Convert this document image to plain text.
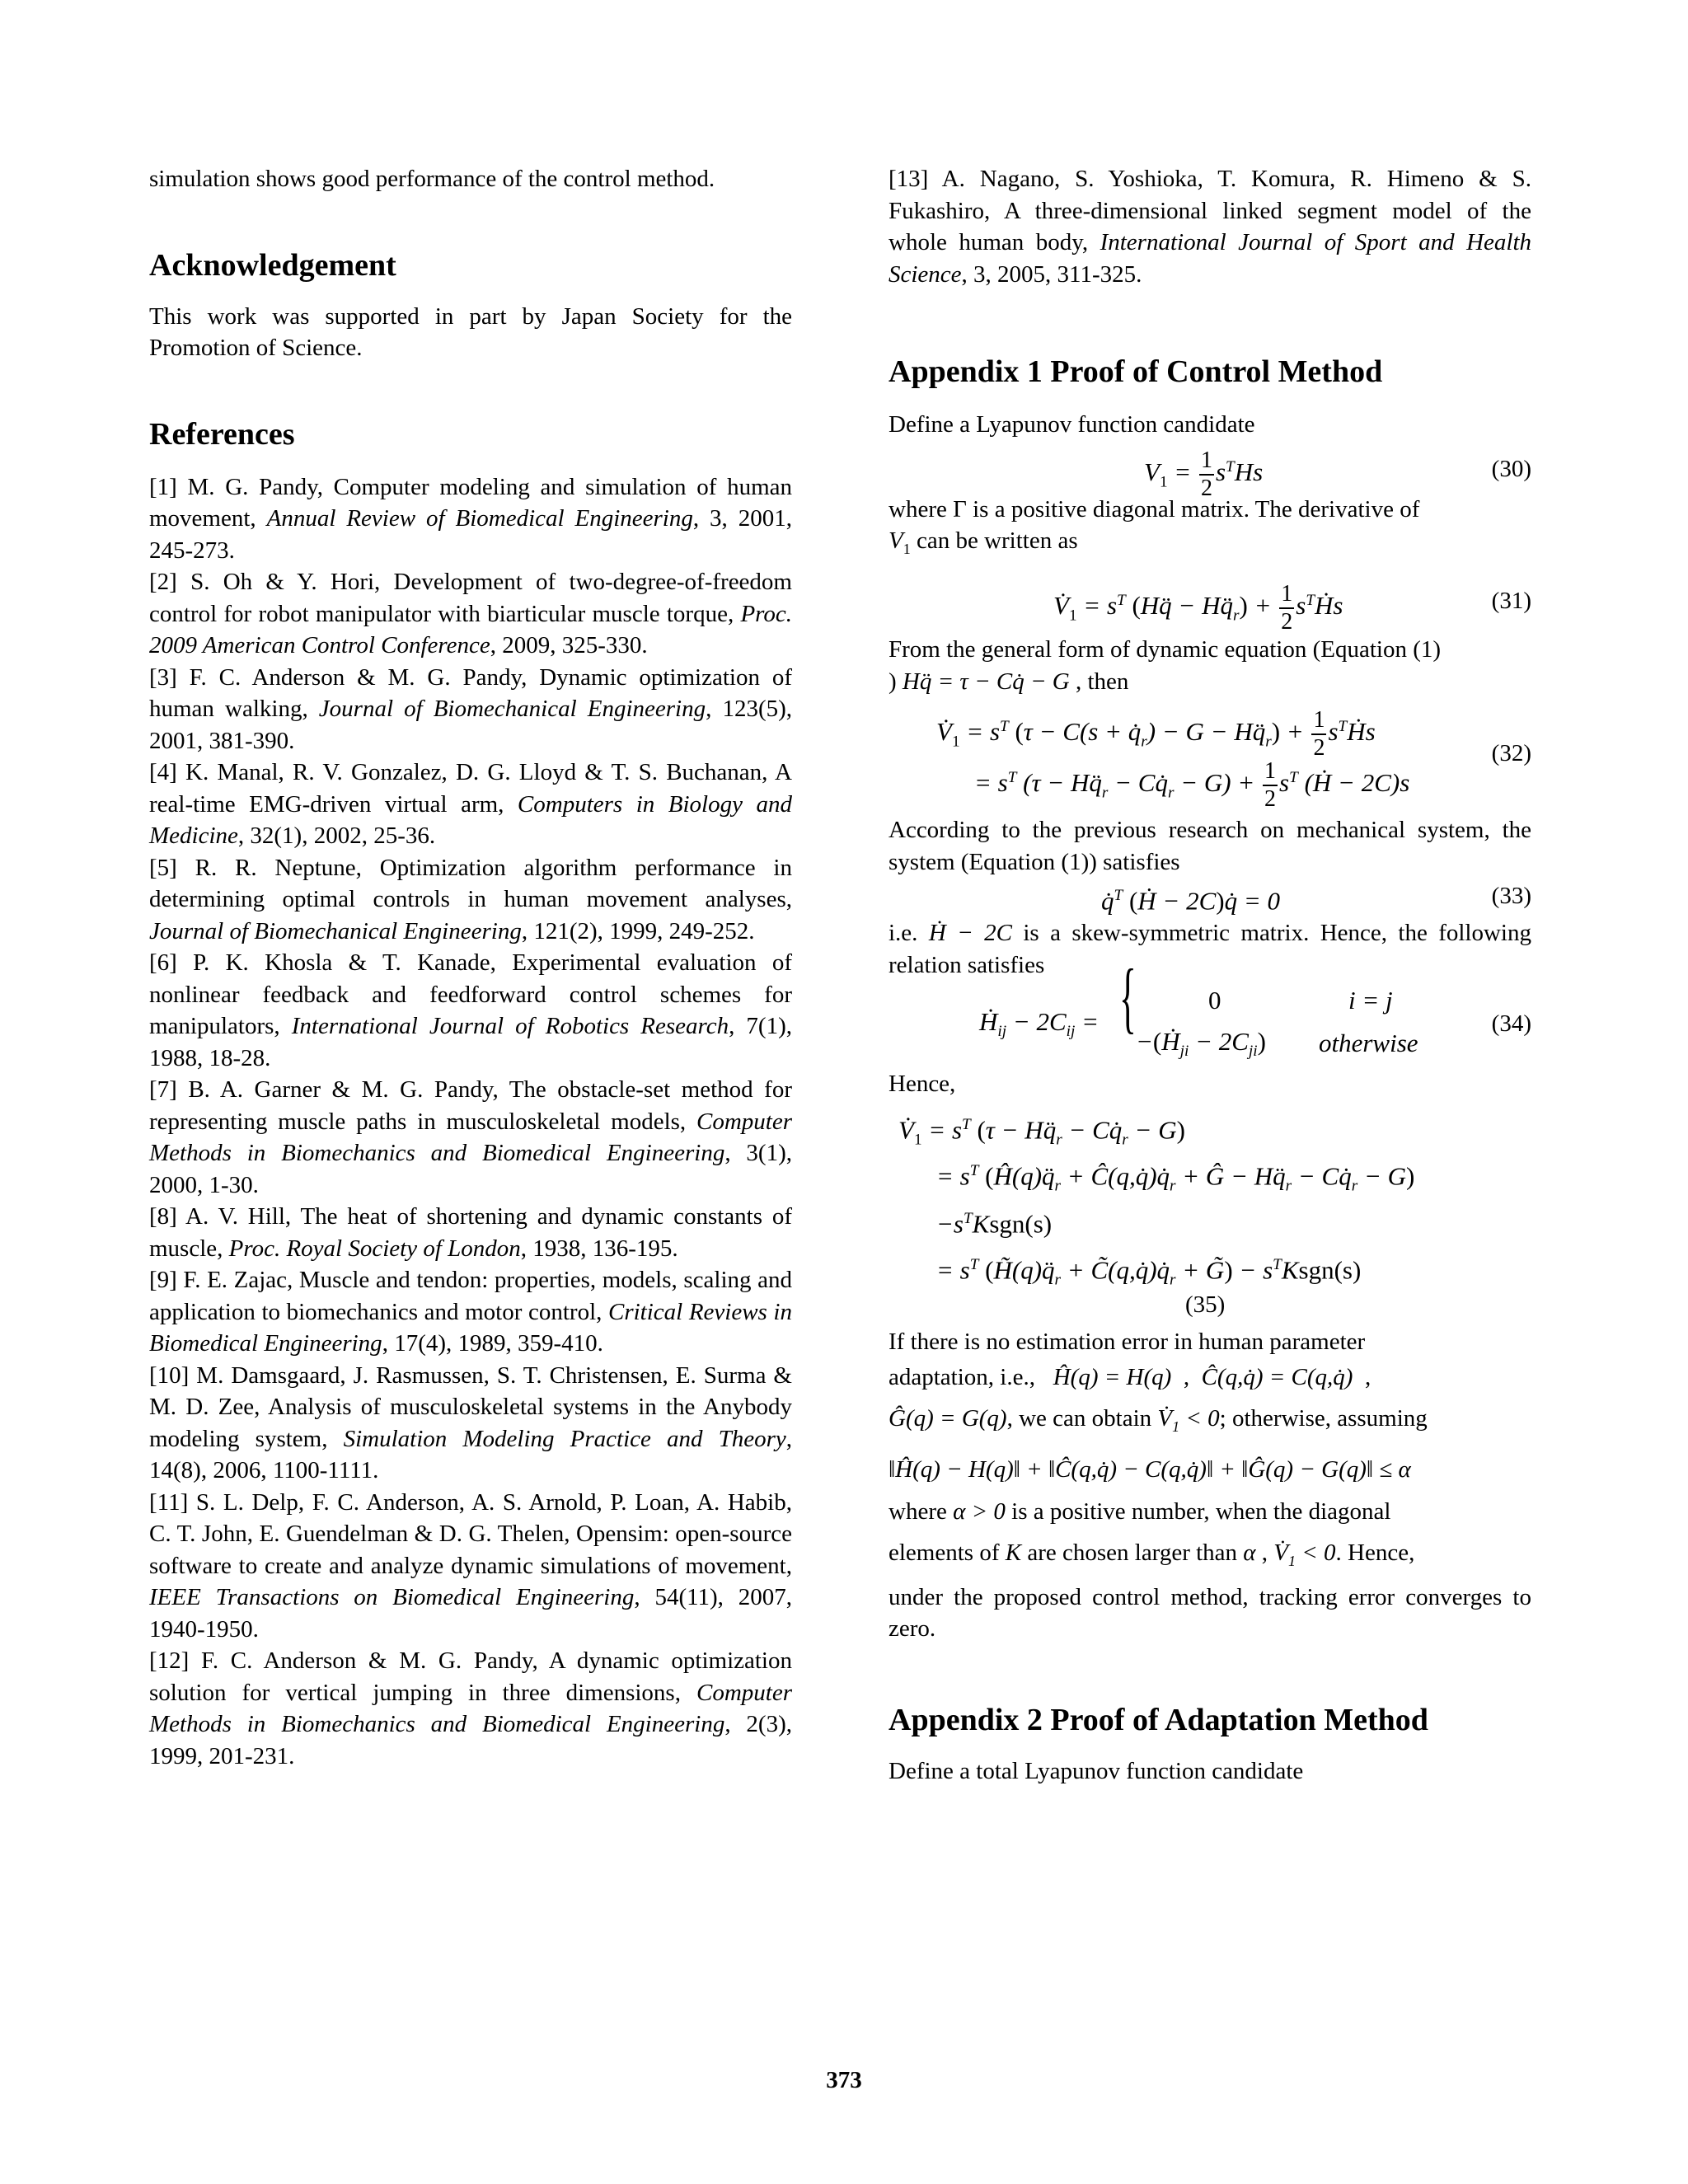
simulation shows good performance of the control method.

Acknowledgement

This work was supported in part by Japan Society for the Promotion of Science.

References

[1] M. G. Pandy, Computer modeling and simulation of human movement, Annual Review of Biomedical Engineering, 3, 2001, 245-273.

[2] S. Oh & Y. Hori, Development of two-degree-of-freedom control for robot manipulator with biarticular muscle torque, Proc. 2009 American Control Conference, 2009, 325-330.

[3] F. C. Anderson & M. G. Pandy, Dynamic optimization of human walking, Journal of Biomechanical Engineering, 123(5), 2001, 381-390.

[4] K. Manal, R. V. Gonzalez, D. G. Lloyd & T. S. Buchanan, A real-time EMG-driven virtual arm, Computers in Biology and Medicine, 32(1), 2002, 25-36.

[5] R. R. Neptune, Optimization algorithm performance in determining optimal controls in human movement analyses, Journal of Biomechanical Engineering, 121(2), 1999, 249-252.

[6] P. K. Khosla & T. Kanade, Experimental evaluation of nonlinear feedback and feedforward control schemes for manipulators, International Journal of Robotics Research, 7(1), 1988, 18-28.

[7] B. A. Garner & M. G. Pandy, The obstacle-set method for representing muscle paths in musculoskeletal models, Computer Methods in Biomechanics and Biomedical Engineering, 3(1), 2000, 1-30.

[8] A. V. Hill, The heat of shortening and dynamic constants of muscle, Proc. Royal Society of London, 1938, 136-195.

[9] F. E. Zajac, Muscle and tendon: properties, models, scaling and application to biomechanics and motor control, Critical Reviews in Biomedical Engineering, 17(4), 1989, 359-410.

[10] M. Damsgaard, J. Rasmussen, S. T. Christensen, E. Surma & M. D. Zee, Analysis of musculoskeletal systems in the Anybody modeling system, Simulation Modeling Practice and Theory, 14(8), 2006, 1100-1111.

[11] S. L. Delp, F. C. Anderson, A. S. Arnold, P. Loan, A. Habib, C. T. John, E. Guendelman & D. G. Thelen, Opensim: open-source software to create and analyze dynamic simulations of movement, IEEE Transactions on Biomedical Engineering, 54(11), 2007, 1940-1950.

[12] F. C. Anderson & M. G. Pandy, A dynamic optimization solution for vertical jumping in three dimensions, Computer Methods in Biomechanics and Biomedical Engineering, 2(3), 1999, 201-231.

[13] A. Nagano, S. Yoshioka, T. Komura, R. Himeno & S. Fukashiro, A three-dimensional linked segment model of the whole human body, International Journal of Sport and Health Science, 3, 2005, 311-325.

Appendix 1 Proof of Control Method

Define a Lyapunov function candidate

$V_1 = \frac{1}{2} s^THs$	(30)

where Γ is a positive diagonal matrix. The derivative of

$V_1$ can be written as

$V̇_1 = s^T$ (Hq̈ − $Hq̈_r) + \frac{1}{2}$ $s^TḢs$	(31)

From the general form of dynamic equation (Equation (1)

) Hq̈ = τ − Cq̇ − G , then

$V̇_1 = s^T$ ($\tau - C(s + q̇_r) - G$ − $Hq̈_r) + \frac{1}{2}$ $s^TḢs$
= $s^T$ ($\tau - Hq̈_r$ − $Cq̇_r - G) + \frac{1}{2} s^T$ (Ḣ − 2C)s
(32)

According to the previous research on mechanical system, the system (Equation (1)) satisfies

q̇$^T$ (Ḣ − 2C)q̇ = 0	(33)

i.e. Ḣ − 2C is a skew-symmetric matrix. Hence, the following relation satisfies

Ḣ$_{ij}$ − $2C_{ij}$ = {	0	i = j
−(Ḣ$_{ji}$ − $2C_{ji}$) otherwise
(34)

Hence,

$V̇_1 = s^T$ ($\tau - Hq̈_r$ − $Cq̇_r - G$)
= $s^T$ ($Ĥ(q)q̈_r$ + $Ĉ(q,q̇)q̇_r$ + Ĝ − $Hq̈_r$ − $Cq̇_r - G$)
$-s^TKsgn(s)$
= $s^T$ ($H̃(q)q̈_r$ + $C̃(q,q̇)q̇_r$ + G̃) − $s^TKsgn(s)$
(35)

If there is no estimation error in human parameter

adaptation, i.e., Ĥ(q) = H(q)  ,  Ĉ(q,q̇) = C(q,q̇)  ,

Ĝ(q) = G(q), we can obtain $V̇_1 < 0$; otherwise, assuming

‖Ĥ(q) − H(q)‖ + ‖Ĉ(q,q̇) − C(q,q̇)‖ + ‖Ĝ(q) − G(q)‖ ≤ α

where α > 0 is a positive number, when the diagonal

elements of K are chosen larger than α , $V̇_1 < 0$. Hence,

under the proposed control method, tracking error converges to zero.

Appendix 2 Proof of Adaptation Method

Define a total Lyapunov function candidate

373
